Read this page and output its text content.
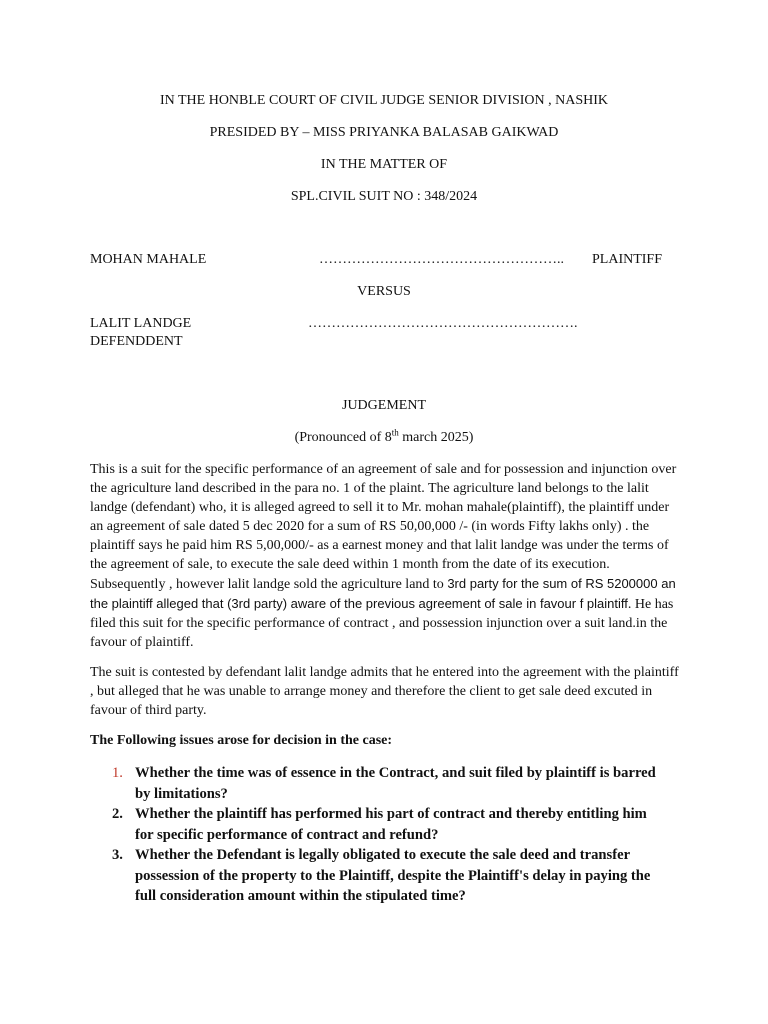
IN THE HONBLE COURT OF CIVIL JUDGE SENIOR DIVISION , NASHIK
PRESIDED BY – MISS PRIYANKA BALASAB GAIKWAD
IN THE MATTER OF
SPL.CIVIL SUIT NO : 348/2024
MOHAN MAHALE	…………………………………………….. PLAINTIFF
VERSUS
LALIT LANDGE	………………………………………………….
DEFENDDENT
JUDGEMENT
(Pronounced of 8th march 2025)
This is a suit for the specific performance of an agreement of sale and for possession and injunction over
the agriculture land described in the para no. 1 of the plaint. The agriculture land belongs to the lalit
landge (defendant) who, it is alleged agreed to sell it to Mr. mohan mahale(plaintiff), the plaintiff under
an agreement of sale dated 5 dec 2020 for a sum of RS 50,00,000 /- (in words Fifty lakhs only) . the
plaintiff says he paid him RS 5,00,000/- as a earnest money and that lalit landge was under the terms of
the agreement of sale, to execute the sale deed within 1 month from the date of its execution.
Subsequently , however lalit landge sold the agriculture land to 3rd party for the sum of RS 5200000 an
the plaintiff alleged that (3rd party) aware of the previous agreement of sale in favour f plaintiff. He has
filed this suit for the specific performance of contract , and possession injunction over a suit land.in the
favour of plaintiff.
The suit is contested by defendant lalit landge admits that he entered into the agreement with the plaintiff
, but alleged that he was unable to arrange money and therefore the client to get sale deed excuted in
favour of third party.
The Following issues arose for decision in the case:
1. Whether the time was of essence in the Contract, and suit filed by plaintiff is barred
by limitations?
2. Whether the plaintiff has performed his part of contract and thereby entitling him
for specific performance of contract and refund?
3. Whether the Defendant is legally obligated to execute the sale deed and transfer
possession of the property to the Plaintiff, despite the Plaintiff's delay in paying the
full consideration amount within the stipulated time?
